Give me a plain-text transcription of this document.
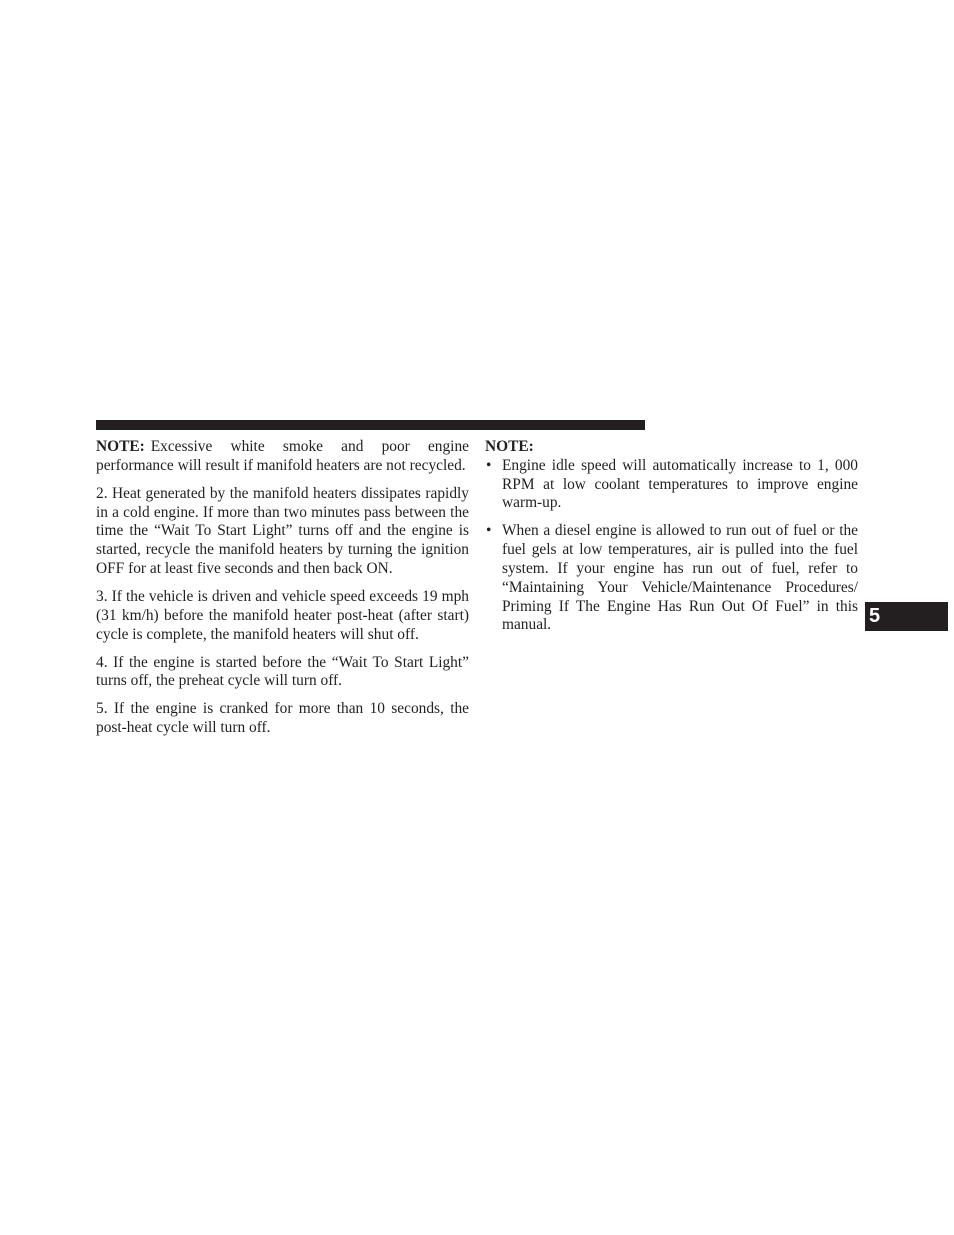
NOTE: Excessive white smoke and poor engine performance will result if manifold heaters are not recycled.

2. Heat generated by the manifold heaters dissipates rapidly in a cold engine. If more than two minutes pass between the time the “Wait To Start Light” turns off and the engine is started, recycle the manifold heaters by turning the ignition OFF for at least five seconds and then back ON.

3. If the vehicle is driven and vehicle speed exceeds 19 mph (31 km/h) before the manifold heater post-heat (after start) cycle is complete, the manifold heaters will shut off.

4. If the engine is started before the “Wait To Start Light” turns off, the preheat cycle will turn off.

5. If the engine is cranked for more than 10 seconds, the post-heat cycle will turn off.

NOTE:

• Engine idle speed will automatically increase to 1, 000 RPM at low coolant temperatures to improve engine warm-up.
• When a diesel engine is allowed to run out of fuel or the fuel gels at low temperatures, air is pulled into the fuel system. If your engine has run out of fuel, refer to “Maintaining Your Vehicle/Maintenance Procedures/ Priming If The Engine Has Run Out Of Fuel” in this manual.	5
